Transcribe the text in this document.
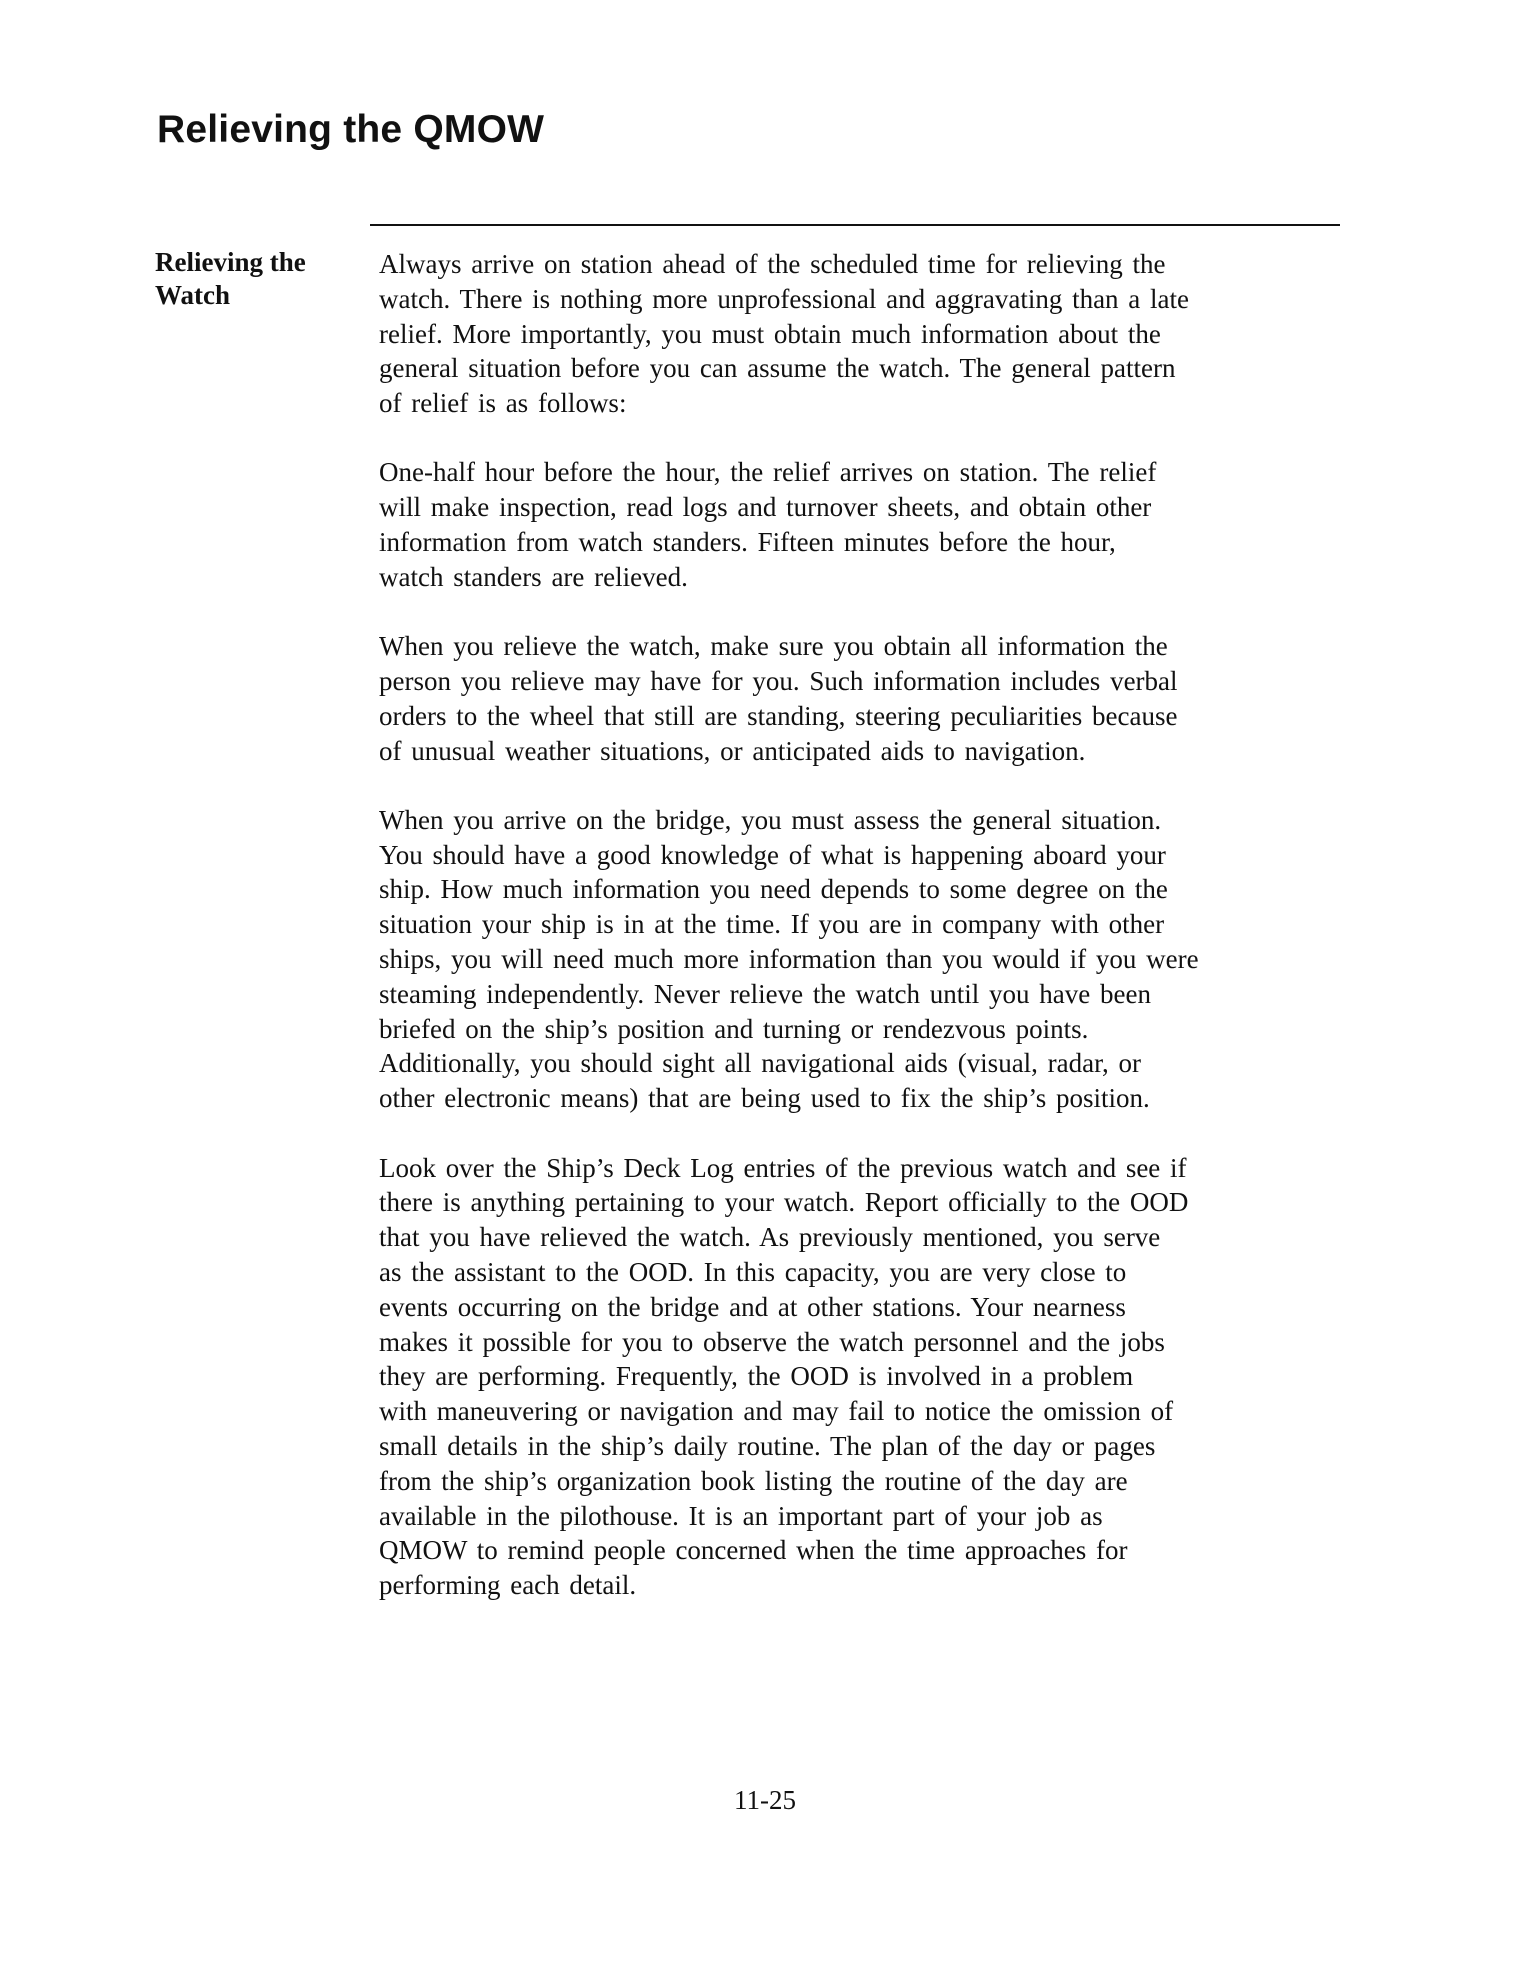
Relieving the QMOW
Relieving the
Watch

Always arrive on station ahead of the scheduled time for relieving the
watch. There is nothing more unprofessional and aggravating than a late
relief. More importantly, you must obtain much information about the
general situation before you can assume the watch. The general pattern
of relief is as follows:

One-half hour before the hour, the relief arrives on station. The relief
will make inspection, read logs and turnover sheets, and obtain other
information from watch standers. Fifteen minutes before the hour,
watch standers are relieved.

When you relieve the watch, make sure you obtain all information the
person you relieve may have for you. Such information includes verbal
orders to the wheel that still are standing, steering peculiarities because
of unusual weather situations, or anticipated aids to navigation.

When you arrive on the bridge, you must assess the general situation.
You should have a good knowledge of what is happening aboard your
ship. How much information you need depends to some degree on the
situation your ship is in at the time. If you are in company with other
ships, you will need much more information than you would if you were
steaming independently. Never relieve the watch until you have been
briefed on the ship’s position and turning or rendezvous points.
Additionally, you should sight all navigational aids (visual, radar, or
other electronic means) that are being used to fix the ship’s position.

Look over the Ship’s Deck Log entries of the previous watch and see if
there is anything pertaining to your watch. Report officially to the OOD
that you have relieved the watch. As previously mentioned, you serve
as the assistant to the OOD. In this capacity, you are very close to
events occurring on the bridge and at other stations. Your nearness
makes it possible for you to observe the watch personnel and the jobs
they are performing. Frequently, the OOD is involved in a problem
with maneuvering or navigation and may fail to notice the omission of
small details in the ship’s daily routine. The plan of the day or pages
from the ship’s organization book listing the routine of the day are
available in the pilothouse. It is an important part of your job as
QMOW to remind people concerned when the time approaches for
performing each detail.

11-25
